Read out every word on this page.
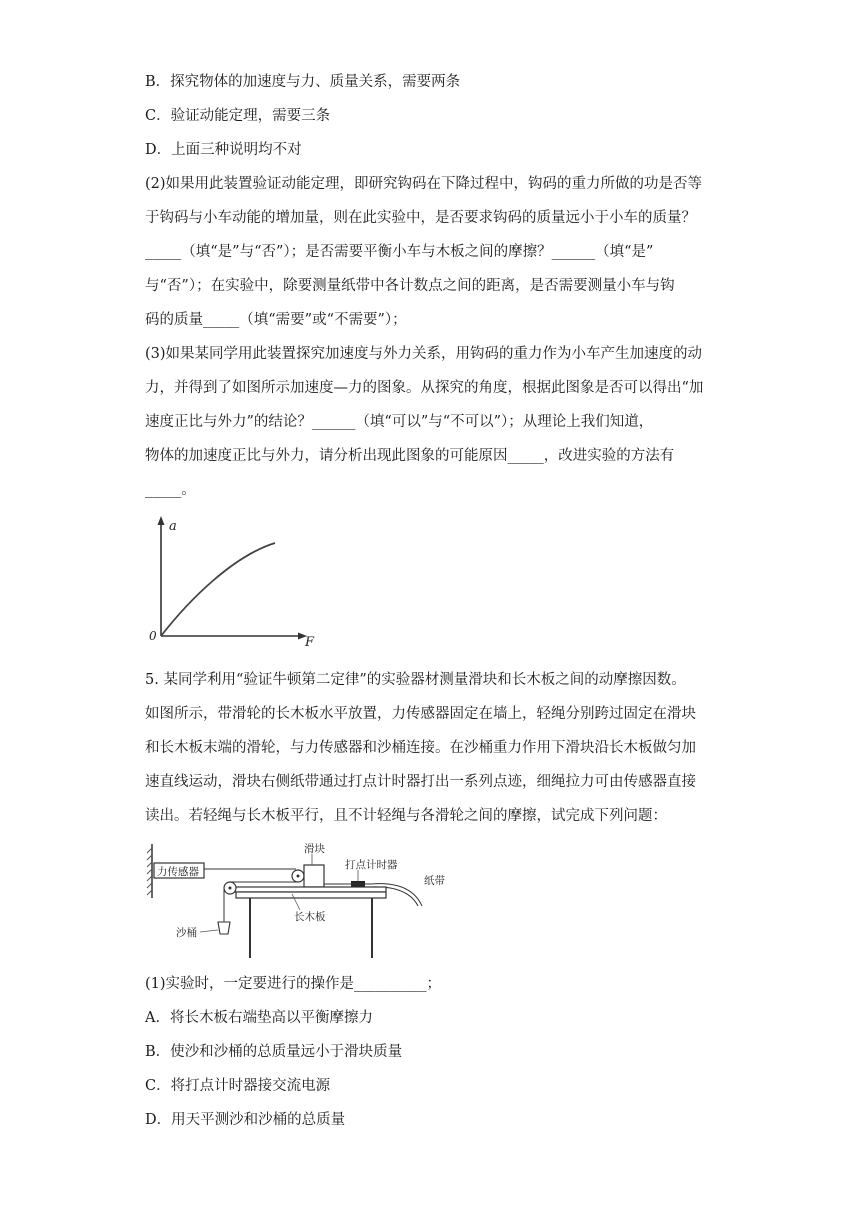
B．探究物体的加速度与力、质量关系，需要两条
C．验证动能定理，需要三条
D．上面三种说明均不对
(2)如果用此装置验证动能定理，即研究钩码在下降过程中，钩码的重力所做的功是否等
于钩码与小车动能的增加量，则在此实验中，是否要求钩码的质量远小于小车的质量？
_____（填“是”与“否”）；是否需要平衡小车与木板之间的摩擦？______（填“是”
与“否”）；在实验中，除要测量纸带中各计数点之间的距离，是否需要测量小车与钩
码的质量_____（填“需要”或“不需要”）；
(3)如果某同学用此装置探究加速度与外力关系，用钩码的重力作为小车产生加速度的动
力，并得到了如图所示加速度—力的图象。从探究的角度，根据此图象是否可以得出“加
速度正比与外力”的结论？______（填“可以”与“不可以”）；从理论上我们知道，
物体的加速度正比与外力，请分析出现此图象的可能原因_____，改进实验的方法有
_____。
a
0	F
5. 某同学利用“验证牛顿第二定律”的实验器材测量滑块和长木板之间的动摩擦因数。
如图所示，带滑轮的长木板水平放置，力传感器固定在墙上，轻绳分别跨过固定在滑块
和长木板末端的滑轮，与力传感器和沙桶连接。在沙桶重力作用下滑块沿长木板做匀加
速直线运动，滑块右侧纸带通过打点计时器打出一系列点迹，细绳拉力可由传感器直接
读出。若轻绳与长木板平行，且不计轻绳与各滑轮之间的摩擦，试完成下列问题：
力传感器
滑块
打点计时器
纸带
长木板
沙桶
(1)实验时，一定要进行的操作是__________；
A．将长木板右端垫高以平衡摩擦力
B．使沙和沙桶的总质量远小于滑块质量
C．将打点计时器接交流电源
D．用天平测沙和沙桶的总质量
